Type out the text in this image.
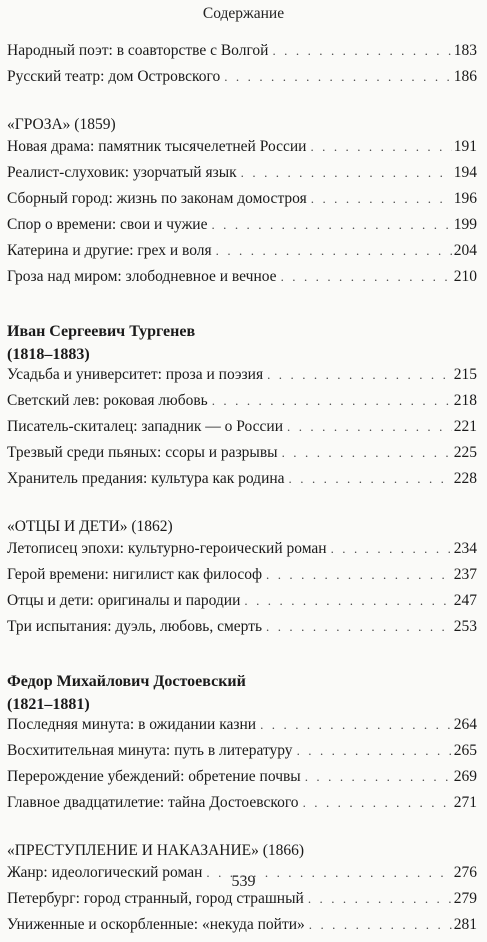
Содержание
Народный поэт: в соавторстве с Волгой . . .	183
Русский театр: дом Островского . . .	186
«ГРОЗА» (1859)
Новая драма: памятник тысячелетней России . . .	191
Реалист-слуховик: узорчатый язык . . .	194
Сборный город: жизнь по законам домостроя . . .	196
Спор о времени: свои и чужие . . .	199
Катерина и другие: грех и воля . . .	204
Гроза над миром: злободневное и вечное . . .	210
Иван Сергеевич Тургенев
(1818–1883)
Усадьба и университет: проза и поэзия . . .	215
Светский лев: роковая любовь . . .	218
Писатель-скиталец: западник — о России . . .	221
Трезвый среди пьяных: ссоры и разрывы . . .	225
Хранитель предания: культура как родина . . .	228
«ОТЦЫ И ДЕТИ» (1862)
Летописец эпохи: культурно-героический роман . . .	234
Герой времени: нигилист как философ . . .	237
Отцы и дети: оригиналы и пародии . . .	247
Три испытания: дуэль, любовь, смерть . . .	253
Федор Михайлович Достоевский
(1821–1881)
Последняя минута: в ожидании казни . . .	264
Восхитительная минута: путь в литературу . . .	265
Перерождение убеждений: обретение почвы . . .	269
Главное двадцатилетие: тайна Достоевского . . .	271
«ПРЕСТУПЛЕНИЕ И НАКАЗАНИЕ» (1866)
Жанр: идеологический роман . . .	276
Петербург: город странный, город страшный . . .	279
Униженные и оскорбленные: «некуда пойти» . . .	281
539
